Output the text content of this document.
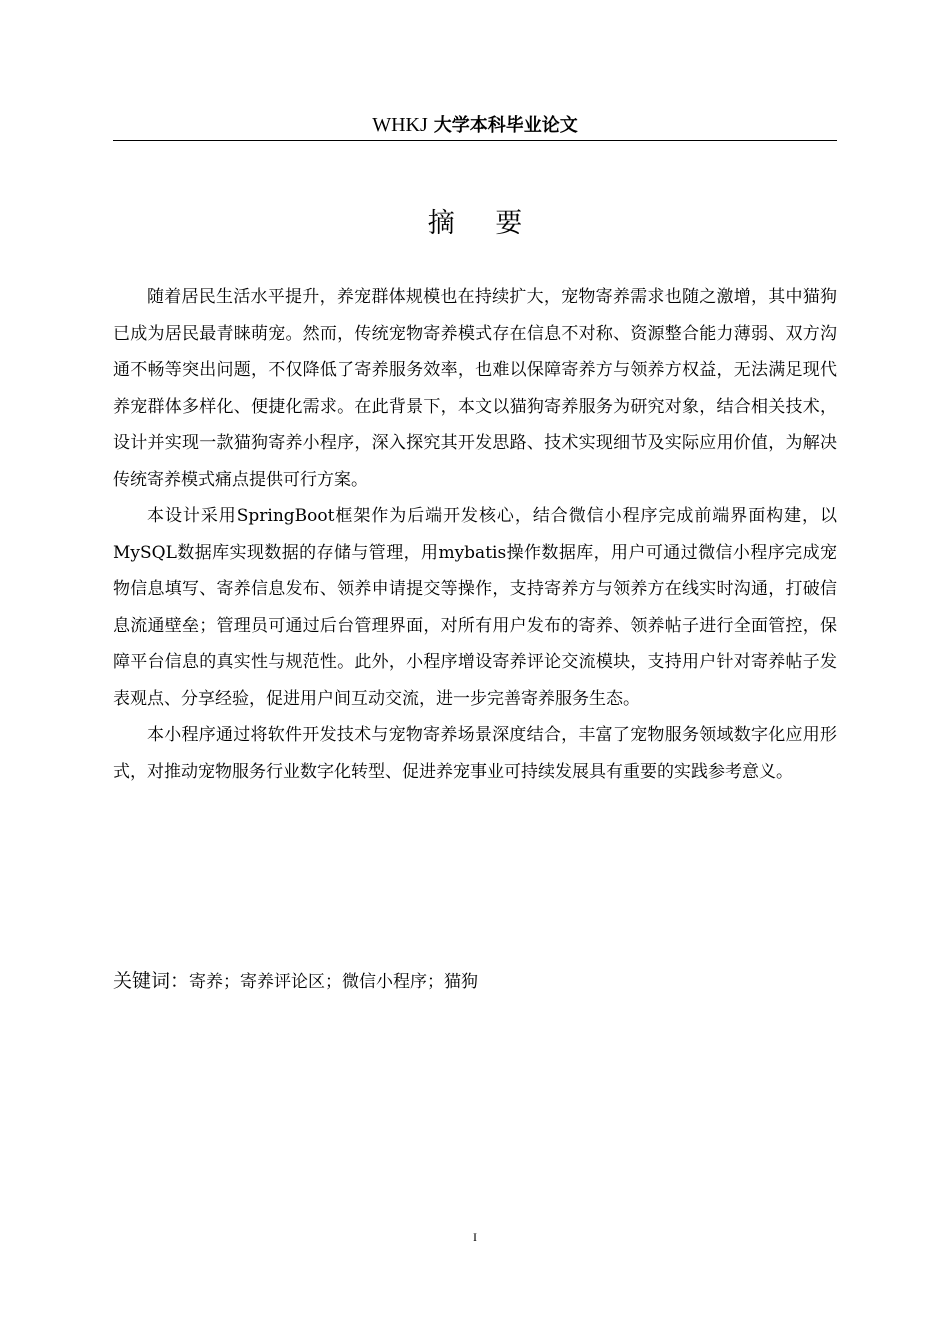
WHKJ 大学本科毕业论文
摘要

随着居民生活水平提升，养宠群体规模也在持续扩大，宠物寄养需求也随之激增，其中猫狗已成为居民最青睐萌宠。然而，传统宠物寄养模式存在信息不对称、资源整合能力薄弱、双方沟通不畅等突出问题，不仅降低了寄养服务效率，也难以保障寄养方与领养方权益，无法满足现代养宠群体多样化、便捷化需求。在此背景下，本文以猫狗寄养服务为研究对象，结合相关技术，设计并实现一款猫狗寄养小程序，深入探究其开发思路、技术实现细节及实际应用价值，为解决传统寄养模式痛点提供可行方案。

本设计采用SpringBoot框架作为后端开发核心，结合微信小程序完成前端界面构建，以MySQL数据库实现数据的存储与管理，用mybatis操作数据库，用户可通过微信小程序完成宠物信息填写、寄养信息发布、领养申请提交等操作，支持寄养方与领养方在线实时沟通，打破信息流通壁垒；管理员可通过后台管理界面，对所有用户发布的寄养、领养帖子进行全面管控，保障平台信息的真实性与规范性。此外，小程序增设寄养评论交流模块，支持用户针对寄养帖子发表观点、分享经验，促进用户间互动交流，进一步完善寄养服务生态。

本小程序通过将软件开发技术与宠物寄养场景深度结合，丰富了宠物服务领域数字化应用形式，对推动宠物服务行业数字化转型、促进养宠事业可持续发展具有重要的实践参考意义。

关键词：寄养；寄养评论区；微信小程序；猫狗
I
